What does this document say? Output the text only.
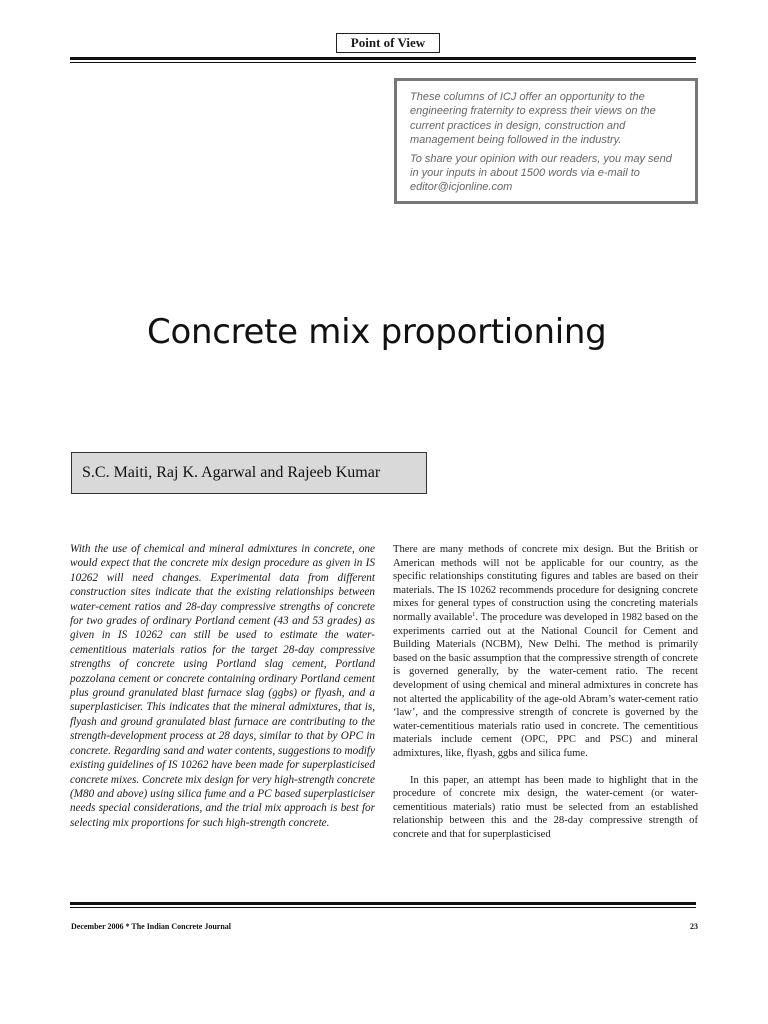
Point of View

These columns of ICJ offer an opportunity to the engineering fraternity to express their views on the current practices in design, construction and management being followed in the industry.

To share your opinion with our readers, you may send in your inputs in about 1500 words via e-mail to editor@icjonline.com

Concrete mix proportioning
S.C. Maiti, Raj K. Agarwal and Rajeeb Kumar

With the use of chemical and mineral admixtures in concrete, one would expect that the concrete mix design procedure as given in IS 10262 will need changes. Experimental data from different construction sites indicate that the existing relationships between water-cement ratios and 28-day compressive strengths of concrete for two grades of ordinary Portland cement (43 and 53 grades) as given in IS 10262 can still be used to estimate the water-cementitious materials ratios for the target 28-day compressive strengths of concrete using Portland slag cement, Portland pozzolana cement or concrete containing ordinary Portland cement plus ground granulated blast furnace slag (ggbs) or flyash, and a superplasticiser. This indicates that the mineral admixtures, that is, flyash and ground granulated blast furnace are contributing to the strength-development process at 28 days, similar to that by OPC in concrete. Regarding sand and water contents, suggestions to modify existing guidelines of IS 10262 have been made for superplasticised concrete mixes. Concrete mix design for very high-strength concrete (M80 and above) using silica fume and a PC based superplasticiser needs special considerations, and the trial mix approach is best for selecting mix proportions for such high-strength concrete.

There are many methods of concrete mix design. But the British or American methods will not be applicable for our country, as the specific relationships constituting figures and tables are based on their materials. The IS 10262 recommends procedure for designing concrete mixes for general types of construction using the concreting materials normally available$^1$. The procedure was developed in 1982 based on the experiments carried out at the National Council for Cement and Building Materials (NCBM), New Delhi. The method is primarily based on the basic assumption that the compressive strength of concrete is governed generally, by the water-cement ratio. The recent development of using chemical and mineral admixtures in concrete has not alterted the applicability of the age-old Abram’s water-cement ratio ‘law’, and the compressive strength of concrete is governed by the water-cementitious materials ratio used in concrete. The cementitious materials include cement (OPC, PPC and PSC) and mineral admixtures, like, flyash, ggbs and silica fume.

In this paper, an attempt has been made to highlight that in the procedure of concrete mix design, the water-cement (or water-cementitious materials) ratio must be selected from an established relationship between this and the 28-day compressive strength of concrete and that for superplasticised

December 2006 * The Indian Concrete Journal	23
